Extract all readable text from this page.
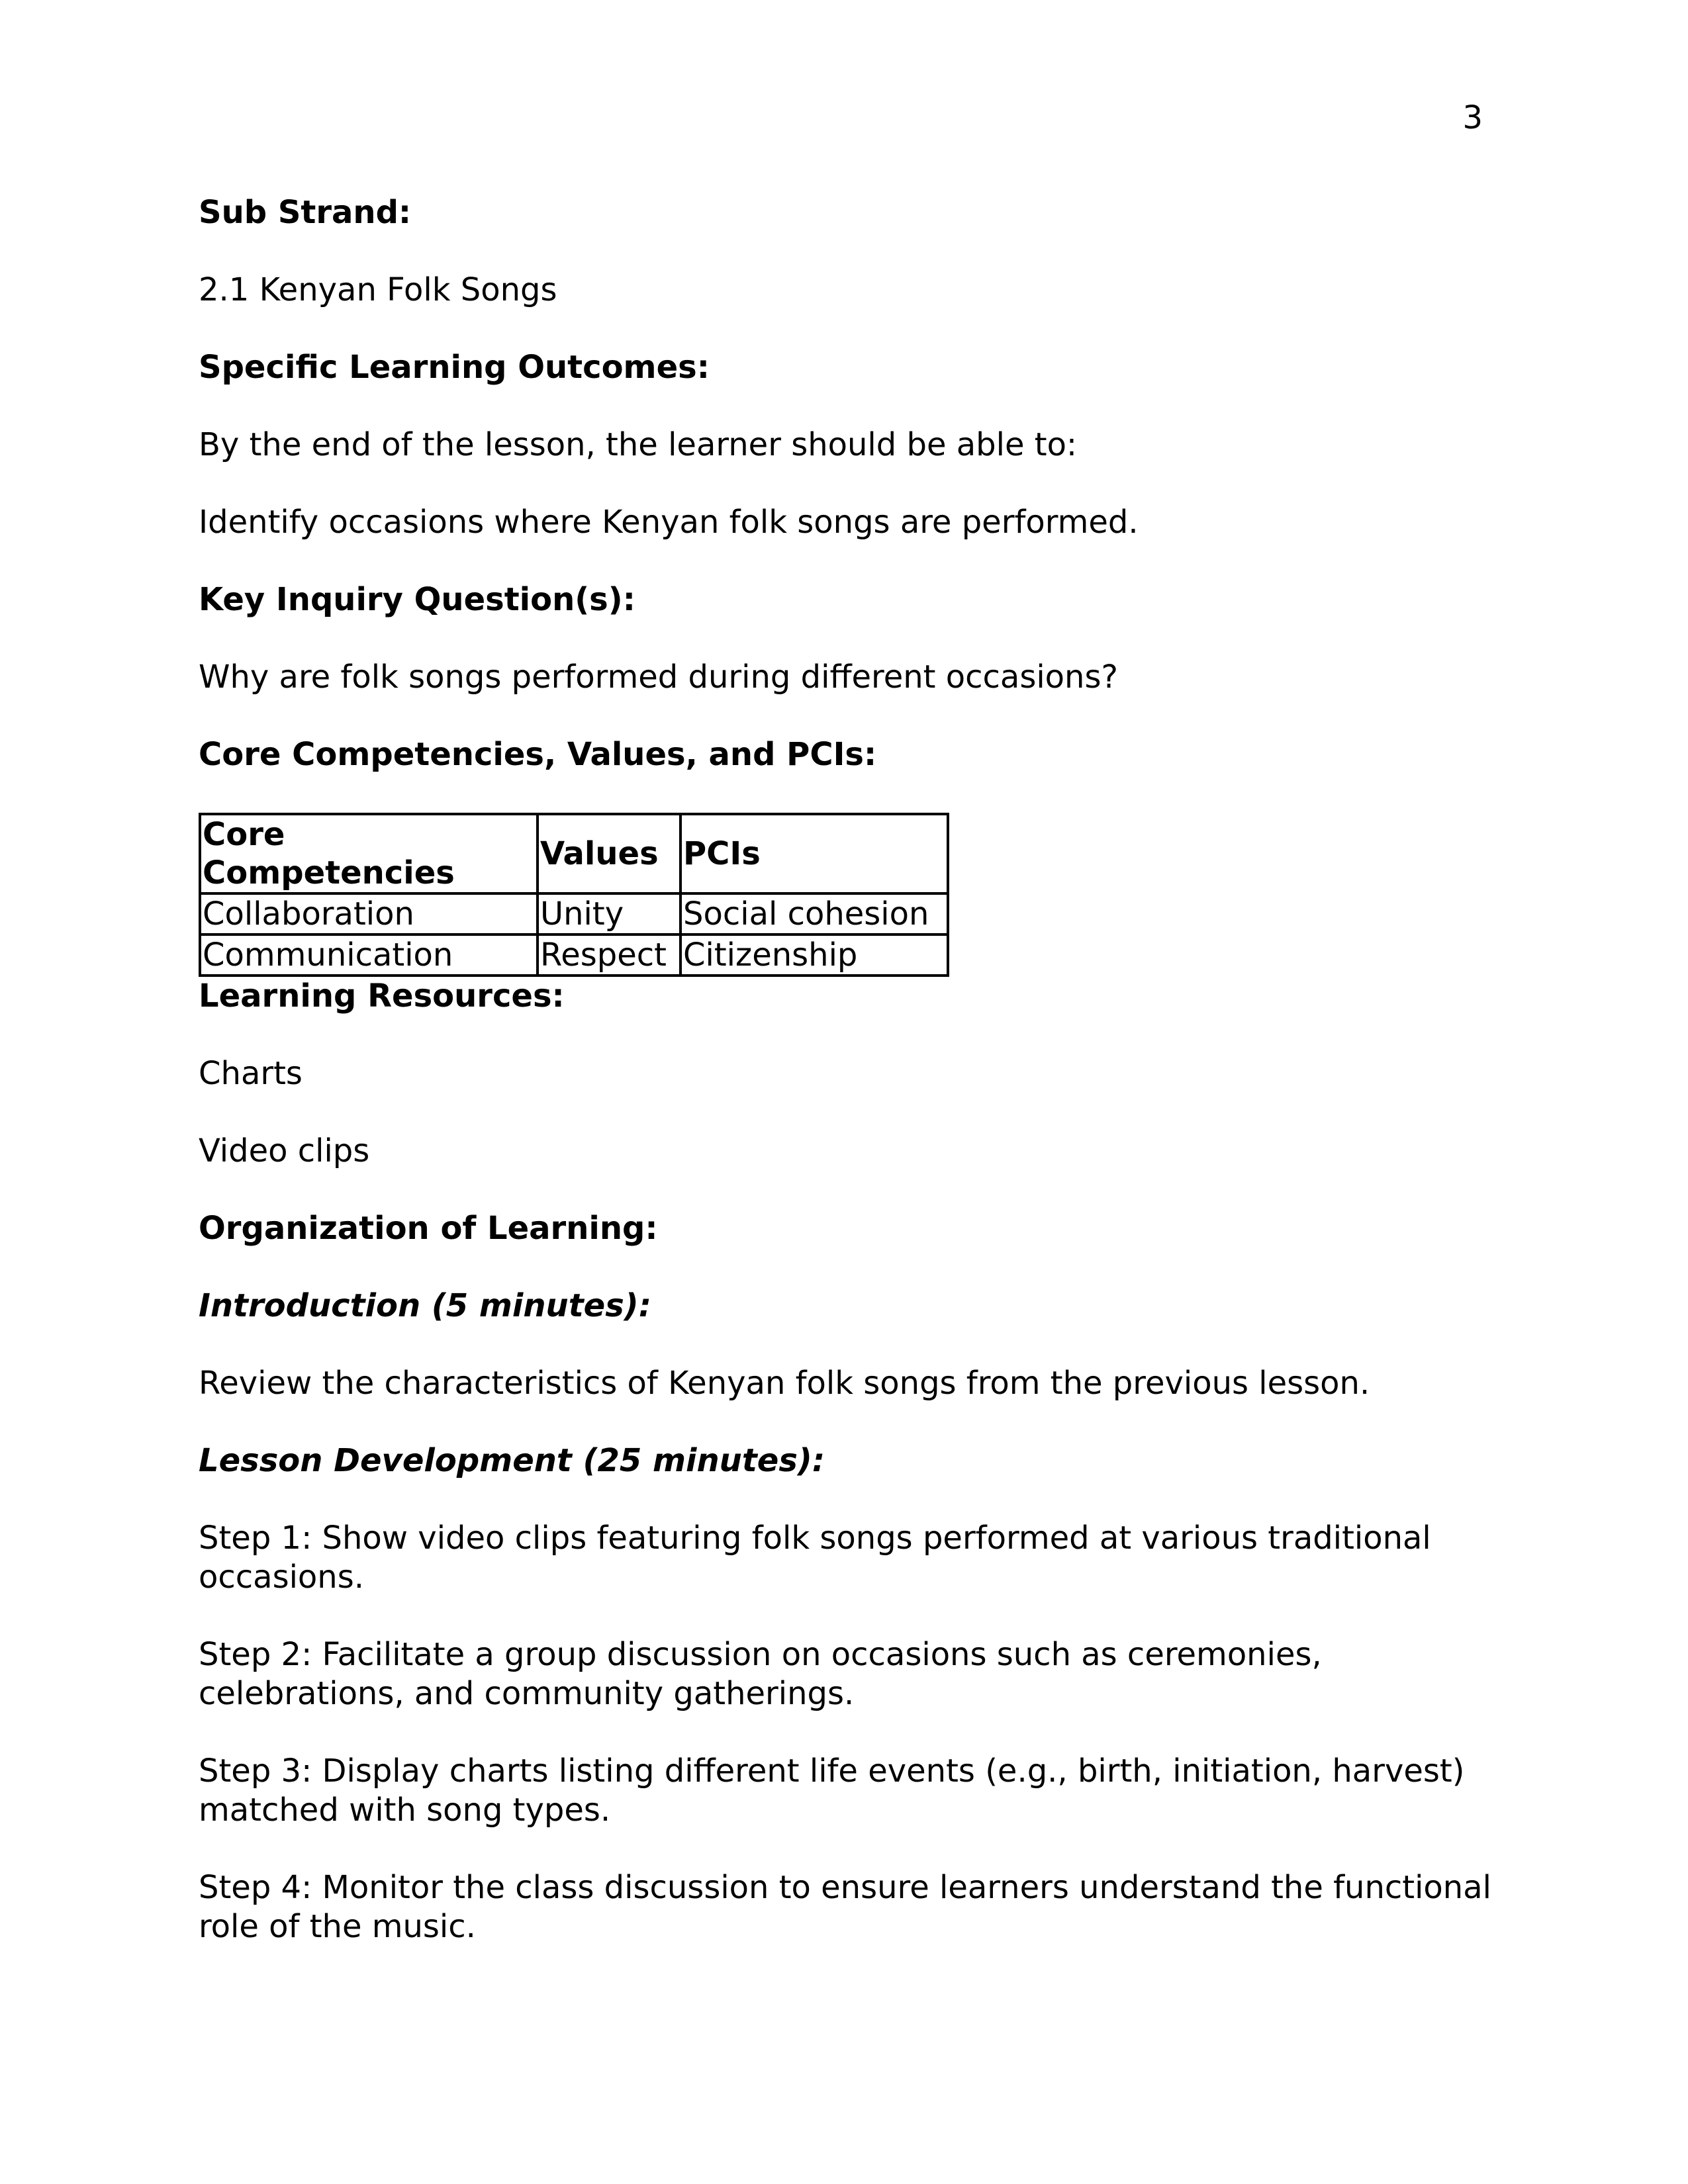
3

Sub Strand:

2.1 Kenyan Folk Songs

Specific Learning Outcomes:

By the end of the lesson, the learner should be able to:

Identify occasions where Kenyan folk songs are performed.

Key Inquiry Question(s):

Why are folk songs performed during different occasions?

Core Competencies, Values, and PCIs:

Core Competencies	Values	PCIs
Collaboration	Unity	Social cohesion
Communication	Respect	Citizenship

Learning Resources:

Charts

Video clips

Organization of Learning:

Introduction (5 minutes):

Review the characteristics of Kenyan folk songs from the previous lesson.

Lesson Development (25 minutes):

Step 1: Show video clips featuring folk songs performed at various traditional occasions.

Step 2: Facilitate a group discussion on occasions such as ceremonies, celebrations, and community gatherings.

Step 3: Display charts listing different life events (e.g., birth, initiation, harvest) matched with song types.

Step 4: Monitor the class discussion to ensure learners understand the functional role of the music.
